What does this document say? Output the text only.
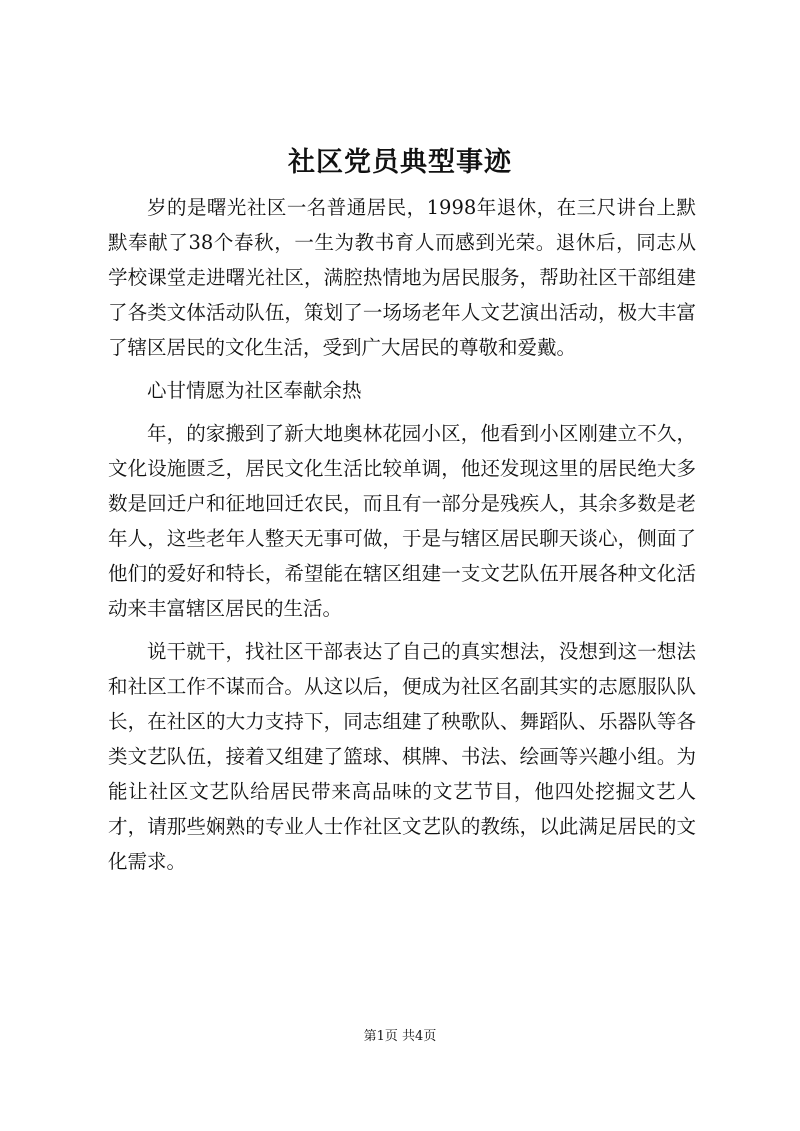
社区党员典型事迹

岁的是曙光社区一名普通居民，1998年退休，在三尺讲台上默默奉献了38个春秋，一生为教书育人而感到光荣。退休后，同志从学校课堂走进曙光社区，满腔热情地为居民服务，帮助社区干部组建了各类文体活动队伍，策划了一场场老年人文艺演出活动，极大丰富了辖区居民的文化生活，受到广大居民的尊敬和爱戴。

心甘情愿为社区奉献余热

年，的家搬到了新大地奥林花园小区，他看到小区刚建立不久，文化设施匮乏，居民文化生活比较单调，他还发现这里的居民绝大多数是回迁户和征地回迁农民，而且有一部分是残疾人，其余多数是老年人，这些老年人整天无事可做，于是与辖区居民聊天谈心，侧面了他们的爱好和特长，希望能在辖区组建一支文艺队伍开展各种文化活动来丰富辖区居民的生活。

说干就干，找社区干部表达了自己的真实想法，没想到这一想法和社区工作不谋而合。从这以后，便成为社区名副其实的志愿服队队长，在社区的大力支持下，同志组建了秧歌队、舞蹈队、乐器队等各类文艺队伍，接着又组建了篮球、棋牌、书法、绘画等兴趣小组。为能让社区文艺队给居民带来高品味的文艺节目，他四处挖掘文艺人才，请那些娴熟的专业人士作社区文艺队的教练，以此满足居民的文化需求。

第1页 共4页
